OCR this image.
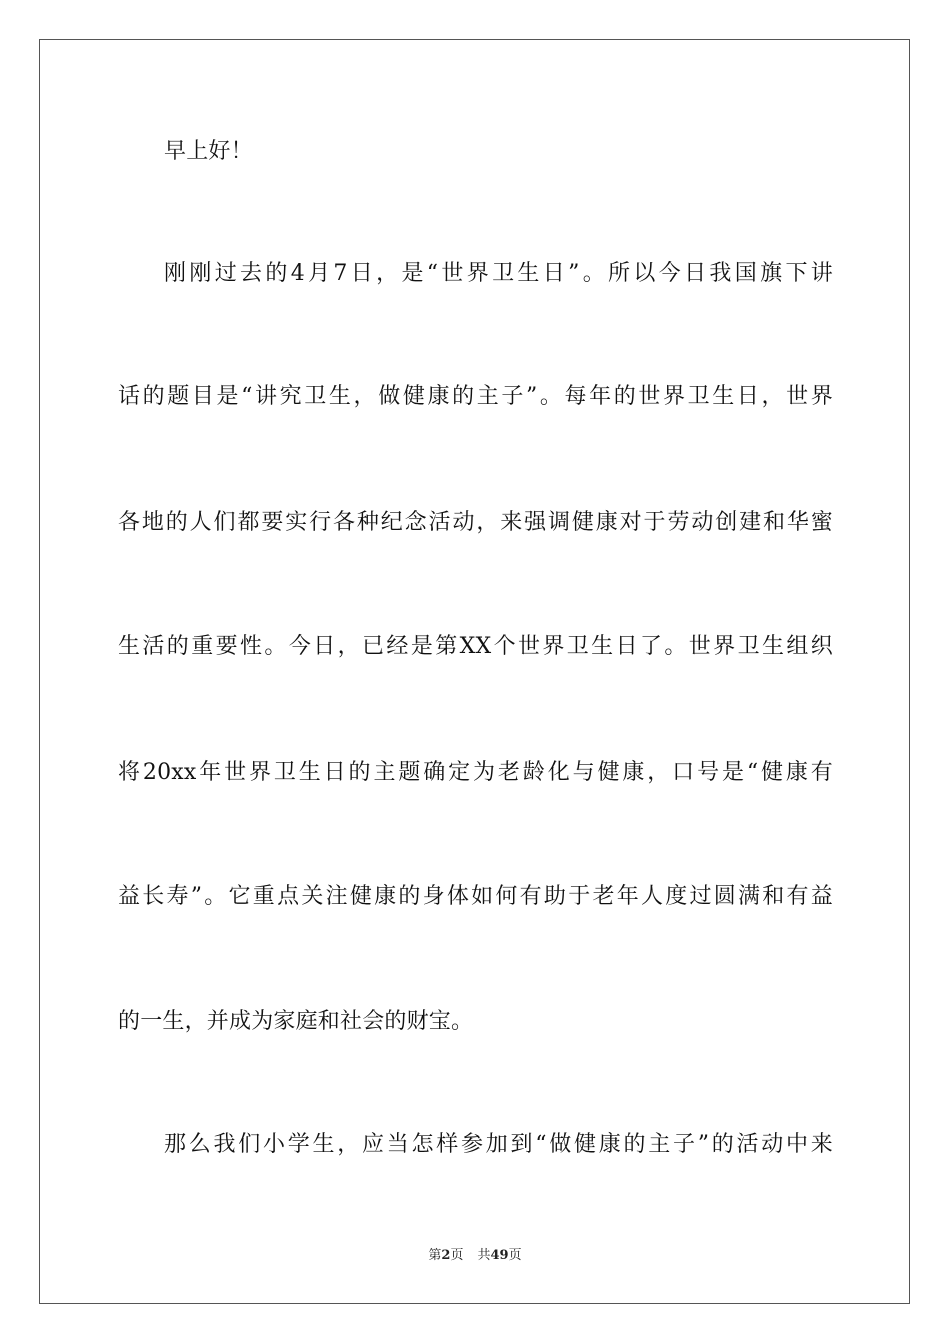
早上好！
刚刚过去的4月7日，是“世界卫生日”。所以今日我国旗下讲
话的题目是“讲究卫生，做健康的主子”。每年的世界卫生日，世界
各地的人们都要实行各种纪念活动，来强调健康对于劳动创建和华蜜
生活的重要性。今日，已经是第XX个世界卫生日了。世界卫生组织
将20xx年世界卫生日的主题确定为老龄化与健康，口号是“健康有
益长寿”。它重点关注健康的身体如何有助于老年人度过圆满和有益
的一生，并成为家庭和社会的财宝。
那么我们小学生，应当怎样参加到“做健康的主子”的活动中来
第2页 共49页
